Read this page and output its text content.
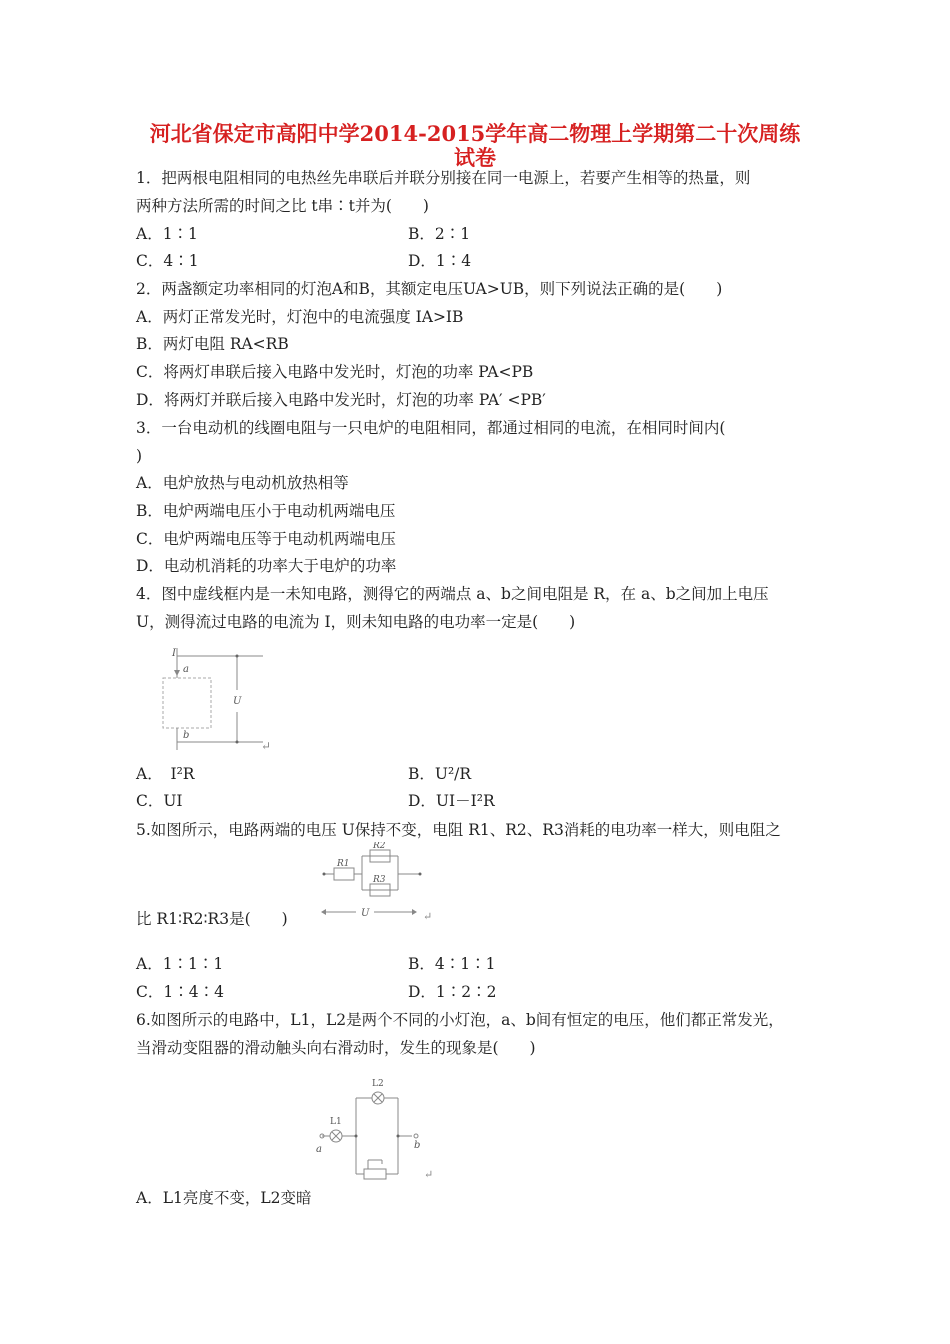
河北省保定市高阳中学2014-2015学年高二物理上学期第二十次周练
试卷
1．把两根电阻相同的电热丝先串联后并联分别接在同一电源上，若要产生相等的热量，则
两种方法所需的时间之比 t串∶t并为(　　)
A．1∶1	B．2∶1
C．4∶1	D．1∶4
2．两盏额定功率相同的灯泡A和B，其额定电压UA>UB，则下列说法正确的是(　　)
A．两灯正常发光时，灯泡中的电流强度 IA>IB
B．两灯电阻 RA<RB
C．将两灯串联后接入电路中发光时，灯泡的功率 PA<PB
D．将两灯并联后接入电路中发光时，灯泡的功率 PA′ <PB′
3．一台电动机的线圈电阻与一只电炉的电阻相同，都通过相同的电流，在相同时间内(
)
A．电炉放热与电动机放热相等
B．电炉两端电压小于电动机两端电压
C．电炉两端电压等于电动机两端电压
D．电动机消耗的功率大于电炉的功率
4．图中虚线框内是一未知电路，测得它的两端点 a、b之间电阻是 R，在 a、b之间加上电压
U，测得流过电路的电流为 I，则未知电路的电功率一定是(　　)
I
a
b
U
↵
A．　I²R	B．U²/R
C．UI	D．UI－I²R
5.如图所示，电路两端的电压 U保持不变，电阻 R1、R2、R3消耗的电功率一样大，则电阻之
R1
R2
R3
U	↵
比 R1∶R2∶R3是(　　)
A．1∶1∶1	B．4∶1∶1
C．1∶4∶4	D．1∶2∶2
6.如图所示的电路中，L1，L2是两个不同的小灯泡，a、b间有恒定的电压，他们都正常发光，
当滑动变阻器的滑动触头向右滑动时，发生的现象是(　　)
L1
L2
a	b
↵
A．L1亮度不变，L2变暗
